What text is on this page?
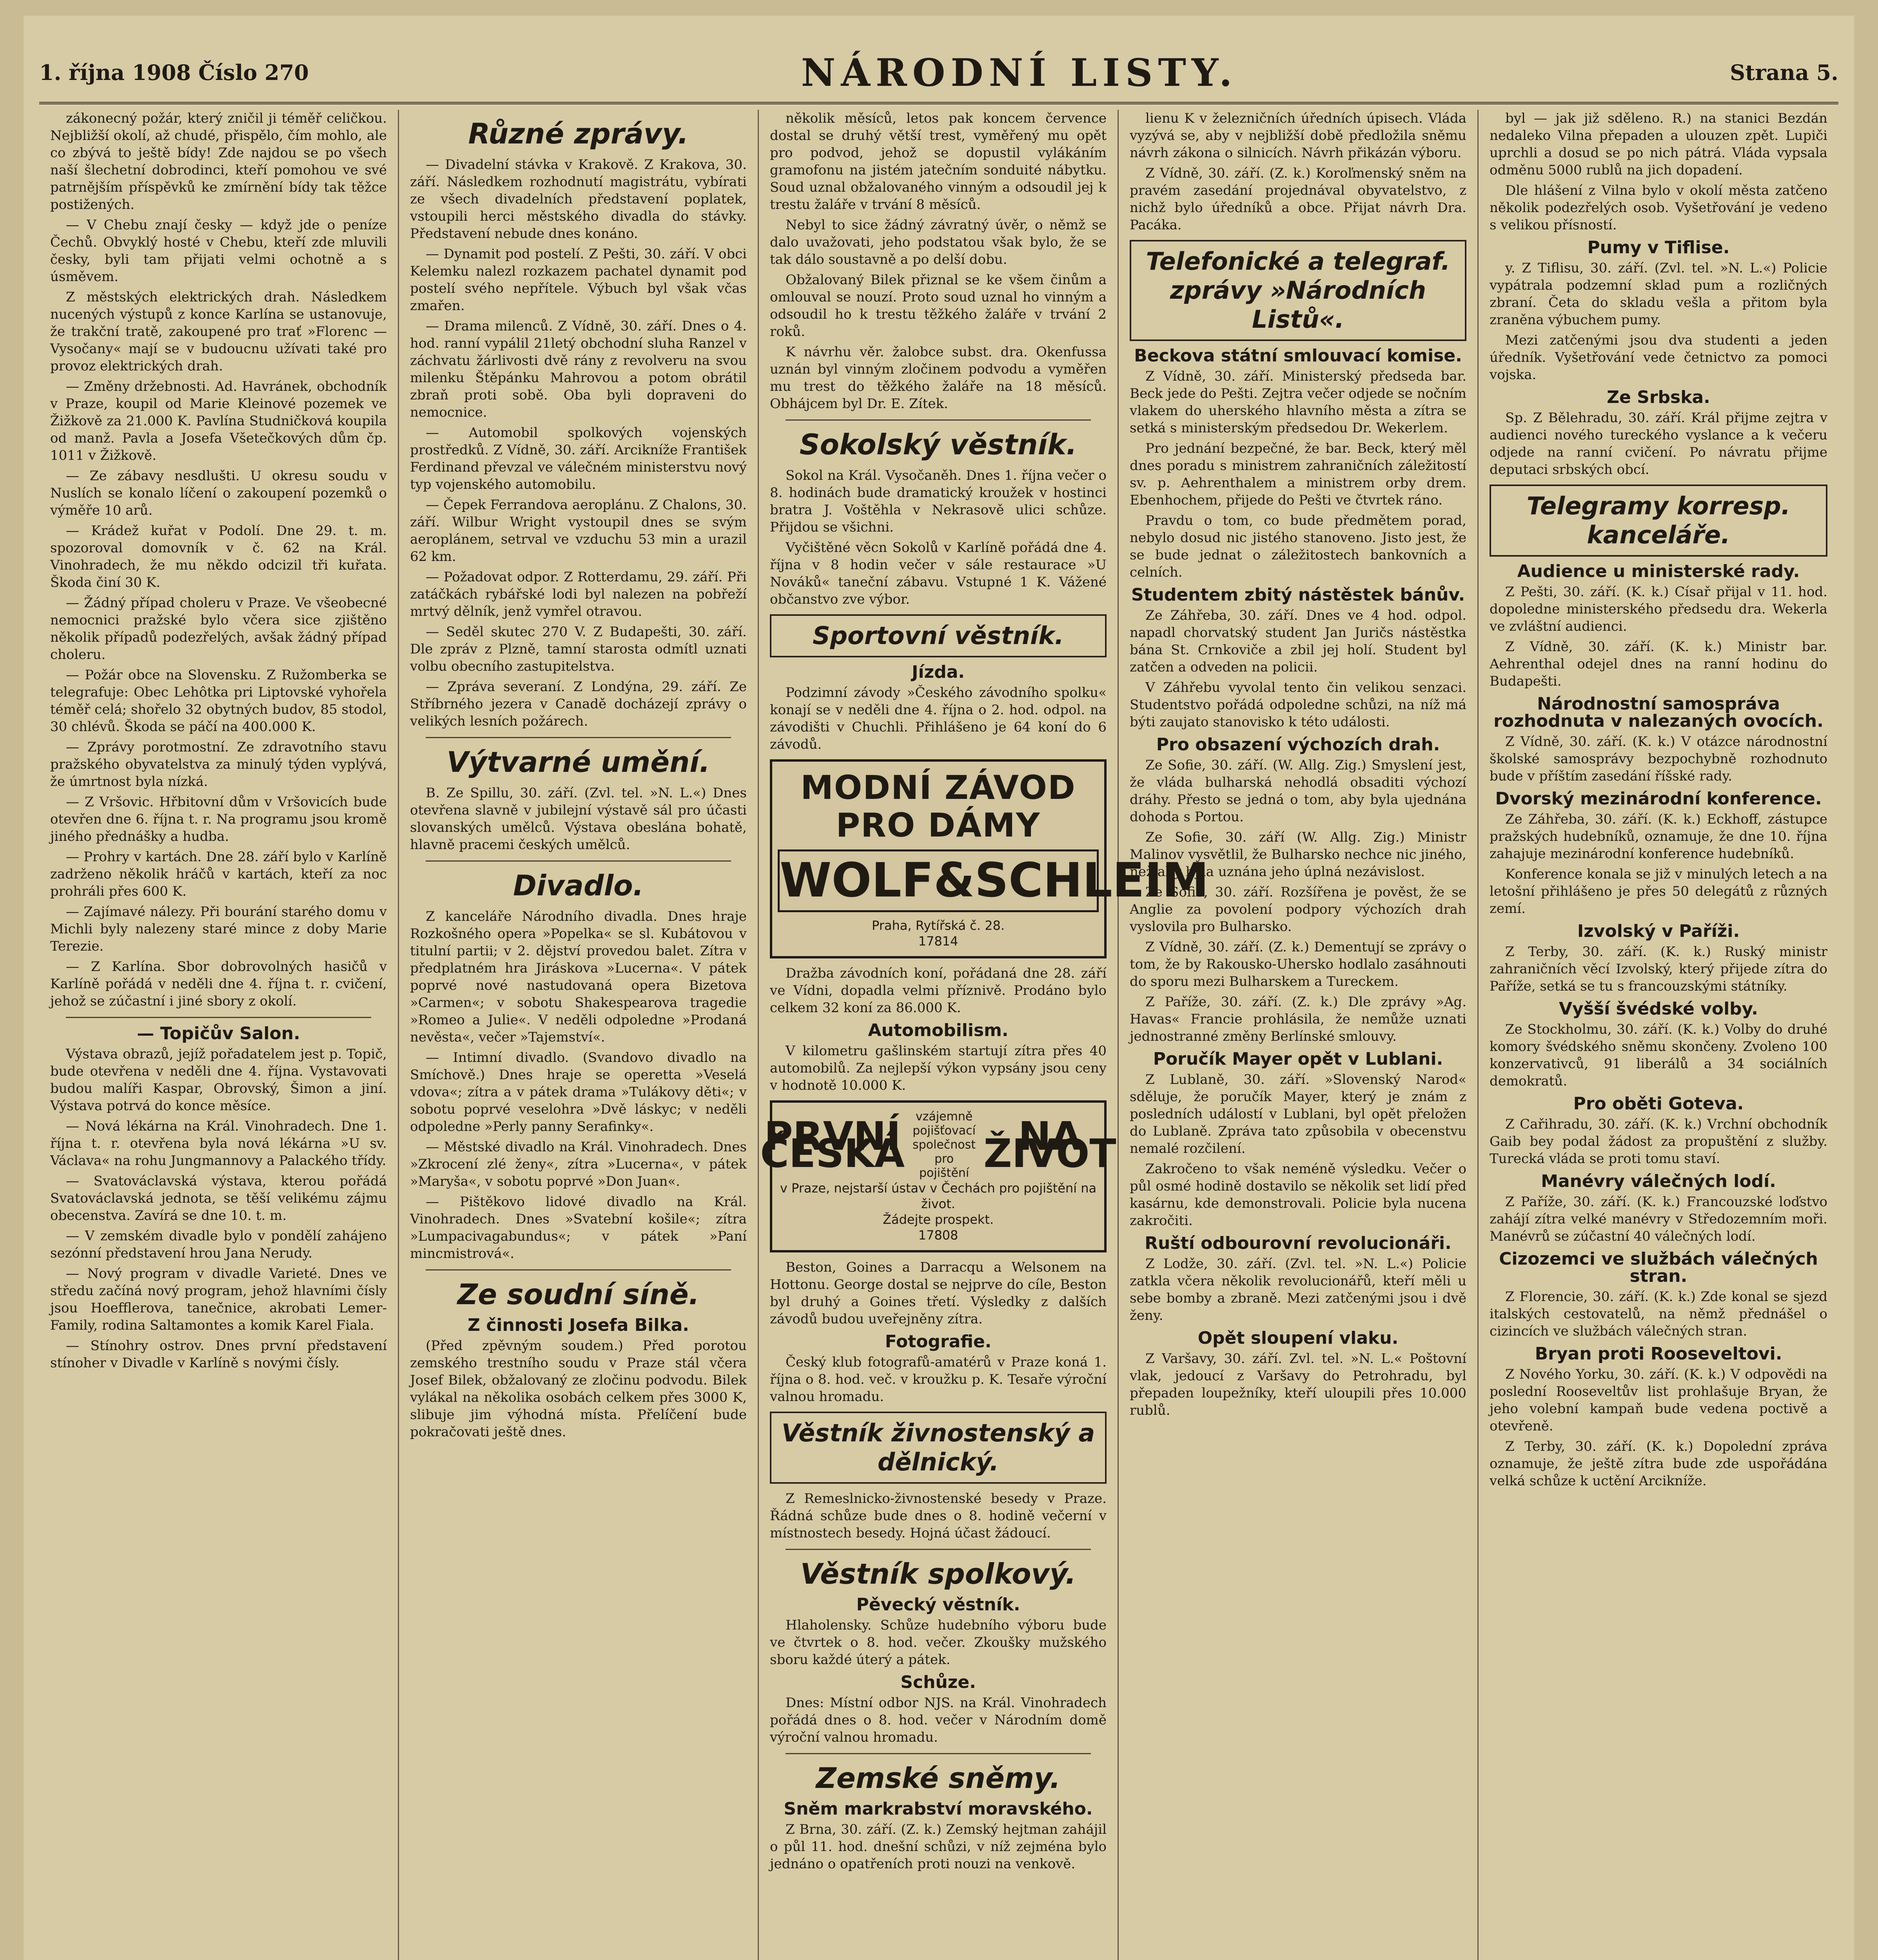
1. října 1908 Číslo 270	NÁRODNÍ LISTY.	Strana 5.

zákonecný požár, který zničil ji téměř celičkou. Nejbližší okolí, až chudé, přispělo, čím mohlo, ale co zbývá to ještě bídy! Zde najdou se po všech naší šlechetní dobrodinci, kteří pomohou ve své patrnějším příspěvků ke zmírnění bídy tak těžce postižených.

— V Chebu znají česky — když jde o peníze Čechů. Obvyklý hosté v Chebu, kteří zde mluvili česky, byli tam přijati velmi ochotně a s úsměvem.

Z městských elektrických drah. Následkem nucených výstupů z konce Karlína se ustanovuje, že trakční tratě, zakoupené pro trať »Florenc — Vysočany« mají se v budoucnu užívati také pro provoz elektrických drah.

— Změny držebnosti. Ad. Havránek, obchodník v Praze, koupil od Marie Kleinové pozemek ve Žižkově za 21.000 K. Pavlína Studničková koupila od manž. Pavla a Josefa Všetečkových dům čp. 1011 v Žižkově.

— Ze zábavy nesdlušti. U okresu soudu v Nuslích se konalo líčení o zakoupení pozemků o výměře 10 arů.

— Krádež kuřat v Podolí. Dne 29. t. m. spozoroval domovník v č. 62 na Král. Vinohradech, že mu někdo odcizil tři kuřata. Škoda činí 30 K.

— Žádný případ choleru v Praze. Ve všeobecné nemocnici pražské bylo včera sice zjištěno několik případů podezřelých, avšak žádný případ choleru.

— Požár obce na Slovensku. Z Ružomberka se telegrafuje: Obec Lehôtka pri Liptovské vyhořela téměř celá; shořelo 32 obytných budov, 85 stodol, 30 chlévů. Škoda se páčí na 400.000 K.

— Zprávy porotmostní. Ze zdravotního stavu pražského obyvatelstva za minulý týden vyplývá, že úmrtnost byla nízká.

— Z Vršovic. Hřbitovní dům v Vršovicích bude otevřen dne 6. října t. r. Na programu jsou kromě jiného přednášky a hudba.

— Prohry v kartách. Dne 28. září bylo v Karlíně zadrženo několik hráčů v kartách, kteří za noc prohráli přes 600 K.

— Zajímavé nálezy. Při bourání starého domu v Michli byly nalezeny staré mince z doby Marie Terezie.

— Z Karlína. Sbor dobrovolných hasičů v Karlíně pořádá v neděli dne 4. října t. r. cvičení, jehož se zúčastní i jiné sbory z okolí.

— Topičův Salon.

Výstava obrazů, jejíž pořadatelem jest p. Topič, bude otevřena v neděli dne 4. října. Vystavovati budou malíři Kaspar, Obrovský, Šimon a jiní. Výstava potrvá do konce měsíce.

— Nová lékárna na Král. Vinohradech. Dne 1. října t. r. otevřena byla nová lékárna »U sv. Václava« na rohu Jungmannovy a Palackého třídy.

— Svatováclavská výstava, kterou pořádá Svatováclavská jednota, se těší velikému zájmu obecenstva. Zavírá se dne 10. t. m.

— V zemském divadle bylo v pondělí zahájeno sezónní představení hrou Jana Nerudy.

— Nový program v divadle Varieté. Dnes ve středu začíná nový program, jehož hlavními čísly jsou Hoefflerova, tanečnice, akrobati Lemer-Family, rodina Saltamontes a komik Karel Fiala.

— Stínohry ostrov. Dnes první představení stínoher v Divadle v Karlíně s novými čísly.

Různé zprávy.

— Divadelní stávka v Krakově. Z Krakova, 30. září. Následkem rozhodnutí magistrátu, vybírati ze všech divadelních představení poplatek, vstoupili herci městského divadla do stávky. Představení nebude dnes konáno.

— Dynamit pod postelí. Z Pešti, 30. září. V obci Kelemku nalezl rozkazem pachatel dynamit pod postelí svého nepřítele. Výbuch byl však včas zmařen.

— Drama milenců. Z Vídně, 30. září. Dnes o 4. hod. ranní vypálil 21letý obchodní sluha Ranzel v záchvatu žárlivosti dvě rány z revolveru na svou milenku Štěpánku Mahrovou a potom obrátil zbraň proti sobě. Oba byli dopraveni do nemocnice.

— Automobil spolkových vojenských prostředků. Z Vídně, 30. září. Arcikníže František Ferdinand převzal ve válečném ministerstvu nový typ vojenského automobilu.

— Čepek Ferrandova aeroplánu. Z Chalons, 30. září. Wilbur Wright vystoupil dnes se svým aeroplánem, setrval ve vzduchu 53 min a urazil 62 km.

— Požadovat odpor. Z Rotterdamu, 29. září. Při zatáčkách rybářské lodi byl nalezen na pobřeží mrtvý dělník, jenž vymřel otravou.

— Seděl skutec 270 V. Z Budapešti, 30. září. Dle zpráv z Plzně, tamní starosta odmítl uznati volbu obecního zastupitelstva.

— Zpráva severaní. Z Londýna, 29. září. Ze Stříbrného jezera v Canadě docházejí zprávy o velikých lesních požárech.

Výtvarné umění.

B. Ze Spillu, 30. září. (Zvl. tel. »N. L.«) Dnes otevřena slavně v jubilejní výstavě sál pro účasti slovanských umělců. Výstava obeslána bohatě, hlavně pracemi českých umělců.

Divadlo.

Z kanceláře Národního divadla. Dnes hraje Rozkošného opera »Popelka« se sl. Kubátovou v titulní partii; v 2. dějství provedou balet. Zítra v předplatném hra Jiráskova »Lucerna«. V pátek poprvé nové nastudovaná opera Bizetova »Carmen«; v sobotu Shakespearova tragedie »Romeo a Julie«. V neděli odpoledne »Prodaná nevěsta«, večer »Tajemství«.

— Intimní divadlo. (Svandovo divadlo na Smíchově.) Dnes hraje se operetta »Veselá vdova«; zítra a v pátek drama »Tulákovy děti«; v sobotu poprvé veselohra »Dvě láskyc; v neděli odpoledne »Perly panny Serafinky«.

— Městské divadlo na Král. Vinohradech. Dnes »Zkrocení zlé ženy«, zítra »Lucerna«, v pátek »Maryša«, v sobotu poprvé »Don Juan«.

— Pištěkovo lidové divadlo na Král. Vinohradech. Dnes »Svatební košile«; zítra »Lumpacivagabundus«; v pátek »Paní mincmistrová«.

Ze soudní síně.
Z činnosti Josefa Bilka.

(Před zpěvným soudem.) Před porotou zemského trestního soudu v Praze stál včera Josef Bilek, obžalovaný ze zločinu podvodu. Bilek vylákal na několika osobách celkem přes 3000 K, slibuje jim výhodná místa. Přelíčení bude pokračovati ještě dnes.

několik měsíců, letos pak koncem července dostal se druhý větší trest, vyměřený mu opět pro podvod, jehož se dopustil vylákáním gramofonu na jistém jatečním sonduité nábytku. Soud uznal obžalovaného vinným a odsoudil jej k trestu žaláře v trvání 8 měsíců.

Nebyl to sice žádný závratný úvěr, o němž se dalo uvažovati, jeho podstatou však bylo, že se tak dálo soustavně a po delší dobu.

Obžalovaný Bilek přiznal se ke všem činům a omlouval se nouzí. Proto soud uznal ho vinným a odsoudil ho k trestu těžkého žaláře v trvání 2 roků.

K návrhu věr. žalobce subst. dra. Okenfussa uznán byl vinným zločinem podvodu a vyměřen mu trest do těžkého žaláře na 18 měsíců. Obhájcem byl Dr. E. Zítek.

Sokolský věstník.

Sokol na Král. Vysočaněh. Dnes 1. října večer o 8. hodinách bude dramatický kroužek v hostinci bratra J. Voštěhla v Nekrasově ulici schůze. Přijdou se všichni.

Vyčištěné věcn Sokolů v Karlíně pořádá dne 4. října v 8 hodin večer v sále restaurace »U Nováků« taneční zábavu. Vstupné 1 K. Vážené občanstvo zve výbor.

Sportovní věstník.
Jízda.

Podzimní závody »Českého závodního spolku« konají se v neděli dne 4. října o 2. hod. odpol. na závodišti v Chuchli. Přihlášeno je 64 koní do 6 závodů.

MODNÍ ZÁVOD PRO DÁMY
WOLF&SCHLEIM
Praha, Rytířská č. 28.
17814

Dražba závodních koní, pořádaná dne 28. září ve Vídni, dopadla velmi příznivě. Prodáno bylo celkem 32 koní za 86.000 K.

Automobilism.

V kilometru gašlinském startují zítra přes 40 automobilů. Za nejlepší výkon vypsány jsou ceny v hodnotě 10.000 K.

PRVNÍ ČESKÁ
vzájemně pojišťovací společnost pro pojištění
NA ŽIVOT
v Praze, nejstarší ústav v Čechách pro pojištění na život.
Žádejte prospekt.
17808

Beston, Goines a Darracqu a Welsonem na Hottonu. George dostal se nejprve do cíle, Beston byl druhý a Goines třetí. Výsledky z dalších závodů budou uveřejněny zítra.

Fotografie.

Český klub fotografů-amatérů v Praze koná 1. října o 8. hod. več. v kroužku p. K. Tesaře výroční valnou hromadu.

Věstník živnostenský a dělnický.

Z Remeslnicko-živnostenské besedy v Praze. Řádná schůze bude dnes o 8. hodině večerní v místnostech besedy. Hojná účast žádoucí.

Věstník spolkový.
Pěvecký věstník.

Hlaholensky. Schůze hudebního výboru bude ve čtvrtek o 8. hod. večer. Zkoušky mužského sboru každé úterý a pátek.

Schůze.

Dnes: Místní odbor NJS. na Král. Vinohradech pořádá dnes o 8. hod. večer v Národním domě výroční valnou hromadu.

Zemské sněmy.
Sněm markrabství moravského.

Z Brna, 30. září. (Z. k.) Zemský hejtman zahájil o půl 11. hod. dnešní schůzi, v níž zejména bylo jednáno o opatřeních proti nouzi na venkově.

lienu K v železničních úředních úpisech. Vláda vyzývá se, aby v nejbližší době předložila sněmu návrh zákona o silnicích. Návrh přikázán výboru.

Z Vídně, 30. září. (Z. k.) Koroľmenský sněm na pravém zasedání projednával obyvatelstvo, z nichž bylo úředníků a obce. Přijat návrh Dra. Pacáka.

Telefonické a telegraf. zprávy »Národních Listů«.
Beckova státní smlouvací komise.

Z Vídně, 30. září. Ministerský předseda bar. Beck jede do Pešti. Zejtra večer odjede se nočním vlakem do uherského hlavního města a zítra se setká s ministerským předsedou Dr. Wekerlem.

Pro jednání bezpečné, že bar. Beck, který měl dnes poradu s ministrem zahraničních záležitostí sv. p. Aehrenthalem a ministrem orby drem. Ebenhochem, přijede do Pešti ve čtvrtek ráno.

Pravdu o tom, co bude předmětem porad, nebylo dosud nic jistého stanoveno. Jisto jest, že se bude jednat o záležitostech bankovních a celních.

Studentem zbitý nástěstek bánův.

Ze Záhřeba, 30. září. Dnes ve 4 hod. odpol. napadl chorvatský student Jan Juričs nástěstka bána St. Crnkoviče a zbil jej holí. Student byl zatčen a odveden na policii.

V Záhřebu vyvolal tento čin velikou senzaci. Studentstvo pořádá odpoledne schůzi, na níž má býti zaujato stanovisko k této události.

Pro obsazení výchozích drah.

Ze Sofie, 30. září. (W. Allg. Zig.) Smyslení jest, že vláda bulharská nehodlá obsaditi výchozí dráhy. Přesto se jedná o tom, aby byla ujednána dohoda s Portou.

Ze Sofie, 30. září (W. Allg. Zig.) Ministr Malinov vysvětlil, že Bulharsko nechce nic jiného, než aby byla uznána jeho úplná nezávislost.

Ze Sofie, 30. září. Rozšířena je pověst, že se Anglie za povolení podpory výchozích drah vyslovila pro Bulharsko.

Z Vídně, 30. září. (Z. k.) Dementují se zprávy o tom, že by Rakousko-Uhersko hodlalo zasáhnouti do sporu mezi Bulharskem a Tureckem.

Z Paříže, 30. září. (Z. k.) Dle zprávy »Ag. Havas« Francie prohlásila, že nemůže uznati jednostranné změny Berlínské smlouvy.

Poručík Mayer opět v Lublani.

Z Lublaně, 30. září. »Slovenský Narod« sděluje, že poručík Mayer, který je znám z posledních událostí v Lublani, byl opět přeložen do Lublaně. Zpráva tato způsobila v obecenstvu nemalé rozčilení.

Zakročeno to však neméně výsledku. Večer o půl osmé hodině dostavilo se několik set lidí před kasárnu, kde demonstrovali. Policie byla nucena zakročiti.

Ruští odbourovní revolucionáři.

Z Lodže, 30. září. (Zvl. tel. »N. L.«) Policie zatkla včera několik revolucionářů, kteří měli u sebe bomby a zbraně. Mezi zatčenými jsou i dvě ženy.

Opět sloupení vlaku.

Z Varšavy, 30. září. Zvl. tel. »N. L.« Poštovní vlak, jedoucí z Varšavy do Petrohradu, byl přepaden loupežníky, kteří uloupili přes 10.000 rublů.

byl — jak již sděleno. R.) na stanici Bezdán nedaleko Vilna přepaden a ulouzen zpět. Lupiči uprchli a dosud se po nich pátrá. Vláda vypsala odměnu 5000 rublů na jich dopadení.

Dle hlášení z Vilna bylo v okolí města zatčeno několik podezřelých osob. Vyšetřování je vedeno s velikou přísností.

Pumy v Tiflise.

y. Z Tiflisu, 30. září. (Zvl. tel. »N. L.«) Policie vypátrala podzemní sklad pum a rozličných zbraní. Četa do skladu vešla a přitom byla zraněna výbuchem pumy.

Mezi zatčenými jsou dva studenti a jeden úředník. Vyšetřování vede četnictvo za pomoci vojska.

Ze Srbska.

Sp. Z Bělehradu, 30. září. Král přijme zejtra v audienci nového tureckého vyslance a k večeru odjede na ranní cvičení. Po návratu přijme deputaci srbských obcí.

Telegramy korresp. kanceláře.
Audience u ministerské rady.

Z Pešti, 30. září. (K. k.) Císař přijal v 11. hod. dopoledne ministerského předsedu dra. Wekerla ve zvláštní audienci.

Z Vídně, 30. září. (K. k.) Ministr bar. Aehrenthal odejel dnes na ranní hodinu do Budapešti.

Národnostní samospráva rozhodnuta v nalezaných ovocích.

Z Vídně, 30. září. (K. k.) V otázce národnostní školské samosprávy bezpochybně rozhodnuto bude v příštím zasedání říšské rady.

Dvorský mezinárodní konference.

Ze Záhřeba, 30. září. (K. k.) Eckhoff, zástupce pražských hudebníků, oznamuje, že dne 10. října zahajuje mezinárodní konference hudebníků.

Konference konala se již v minulých letech a na letošní přihlášeno je přes 50 delegátů z různých zemí.

Izvolský v Paříži.

Z Terby, 30. září. (K. k.) Ruský ministr zahraničních věcí Izvolský, který přijede zítra do Paříže, setká se tu s francouzskými státníky.

Vyšší švédské volby.

Ze Stockholmu, 30. září. (K. k.) Volby do druhé komory švédského sněmu skončeny. Zvoleno 100 konzervativců, 91 liberálů a 34 sociálních demokratů.

Pro oběti Goteva.

Z Cařihradu, 30. září. (K. k.) Vrchní obchodník Gaib bey podal žádost za propuštění z služby. Turecká vláda se proti tomu staví.

Manévry válečných lodí.

Z Paříže, 30. září. (K. k.) Francouzské loďstvo zahájí zítra velké manévry v Středozemním moři. Manévrů se zúčastní 40 válečných lodí.

Cizozemci ve službách válečných stran.

Z Florencie, 30. září. (K. k.) Zde konal se sjezd italských cestovatelů, na němž přednášel o cizincích ve službách válečných stran.

Bryan proti Rooseveltovi.

Z Nového Yorku, 30. září. (K. k.) V odpovědi na poslední Rooseveltův list prohlašuje Bryan, že jeho volební kampaň bude vedena poctivě a otevřeně.

Z Terby, 30. září. (K. k.) Dopolední zpráva oznamuje, že ještě zítra bude zde uspořádána velká schůze k uctění Arcikníže.
